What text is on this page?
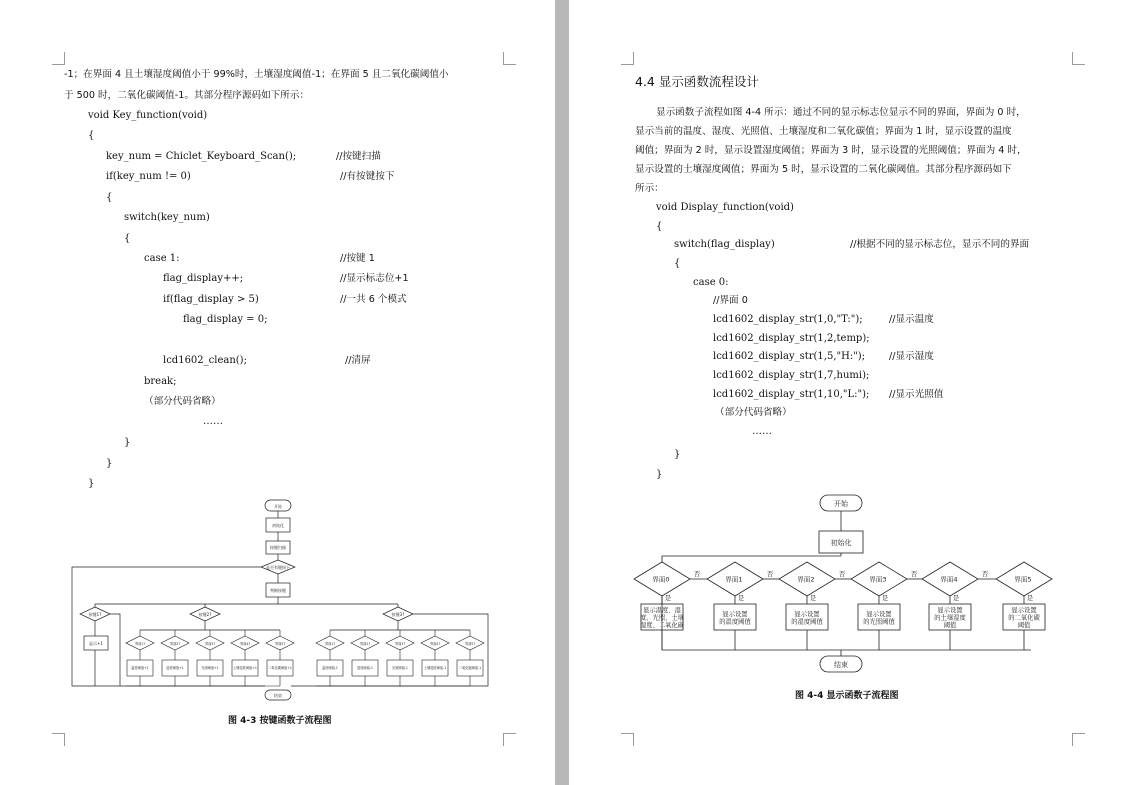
-1；在界面 4 且土壤湿度阈值小于 99%时，土壤湿度阈值-1；在界面 5 且二氧化碳阈值小
于 500 时，二氧化碳阈值-1。其部分程序源码如下所示：
void Key_function(void)
{
key_num = Chiclet_Keyboard_Scan();	//按键扫描
if(key_num != 0)	//有按键按下
{
switch(key_num)
{
case 1:	//按键 1
flag_display++;	//显示标志位+1
if(flag_display > 5)	//一共 6 个模式
flag_display = 0;
lcd1602_clean();	//清屏
break;
（部分代码省略）
……
}
}
}
开始
初始化
按键扫描
是否有键按下
判断按键
按键1?	按键2?	按键3?
显示+1
结束
界面1?
温度阈值+1
界面2?
湿度阈值+1
界面3?
光照阈值+1
界面4?
土壤湿度阈值+1
界面5?
二氧化碳阈值+1
界面1?
温度阈值-1
界面2?
湿度阈值-1
界面3?
光照阈值-1
界面4?
土壤湿度阈值-1
界面5?
二氧化碳阈值-1
图 4-3 按键函数子流程图
4.4 显示函数流程设计
显示函数子流程如图 4-4 所示：通过不同的显示标志位显示不同的界面，界面为 0 时，
显示当前的温度、湿度、光照值、土壤湿度和二氧化碳值；界面为 1 时，显示设置的温度
阈值；界面为 2 时，显示设置湿度阈值；界面为 3 时，显示设置的光照阈值；界面为 4 时，
显示设置的土壤湿度阈值；界面为 5 时，显示设置的二氧化碳阈值。其部分程序源码如下
所示：
void Display_function(void)
{
switch(flag_display)	//根据不同的显示标志位，显示不同的界面
{
case 0:
//界面 0
lcd1602_display_str(1,0,"T:");	//显示温度
lcd1602_display_str(1,2,temp);
lcd1602_display_str(1,5,"H:"); //显示湿度
lcd1602_display_str(1,7,humi);
lcd1602_display_str(1,10,"L:"); //显示光照值
（部分代码省略）
……
}
}
开始
初始化
结束
否
是
界面0
显示温度、湿
度、光照、土壤
湿度、二氧化碳
否
是
界面1
显示设置
的温度阈值
否
是
界面2
显示设置
的湿度阈值
否
是
界面3
显示设置
的光照阈值
否
是
界面4
显示设置
的土壤湿度
阈值
是
界面5
显示设置
的二氧化碳
阈值
图 4-4 显示函数子流程图
